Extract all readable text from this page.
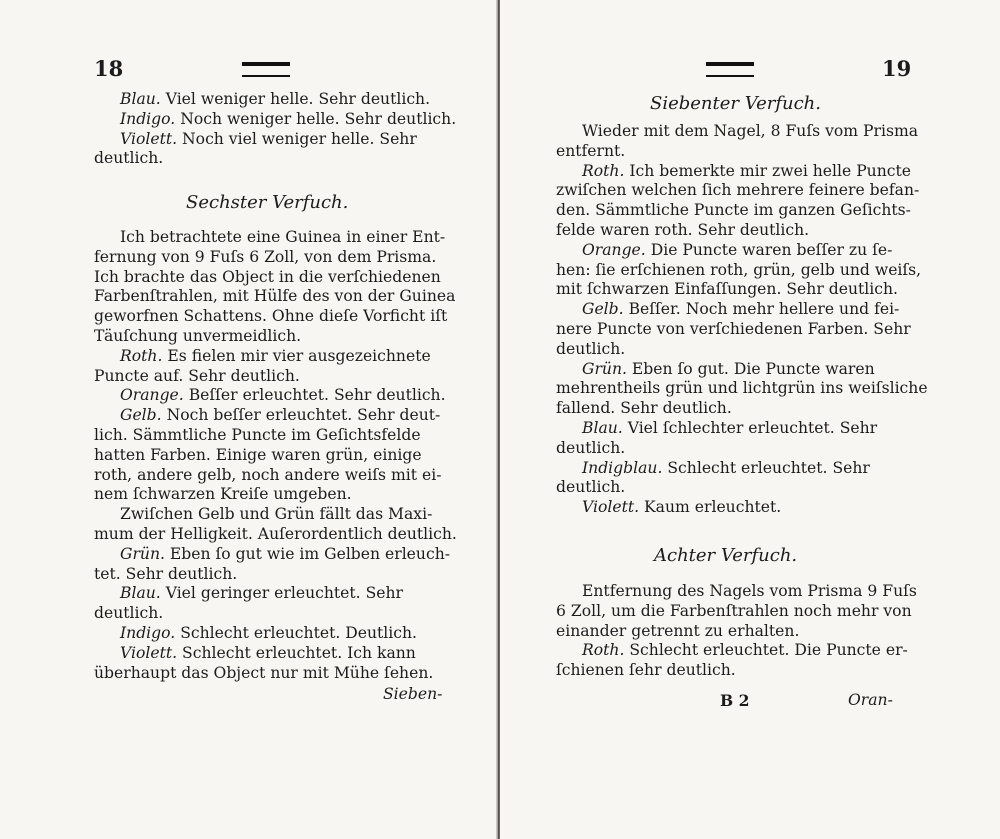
18
Blau. Viel weniger helle. Sehr deutlich.
Indigo. Noch weniger helle. Sehr deutlich.
Violett. Noch viel weniger helle. Sehr
deutlich.
Sechster Verfuch.
Ich betrachtete eine Guinea in einer Ent-
fernung von 9 Fuſs 6 Zoll, von dem Prisma.
Ich brachte das Object in die verſchiedenen
Farbenſtrahlen, mit Hülfe des von der Guinea
geworfnen Schattens. Ohne dieſe Vorficht iſt
Täuſchung unvermeidlich.
Roth. Es fielen mir vier ausgezeichnete
Puncte auf. Sehr deutlich.
Orange. Beſſer erleuchtet. Sehr deutlich.
Gelb. Noch beſſer erleuchtet. Sehr deut-
lich. Sämmtliche Puncte im Geſichtsfelde
hatten Farben. Einige waren grün, einige
roth, andere gelb, noch andere weiſs mit ei-
nem ſchwarzen Kreiſe umgeben.
Zwiſchen Gelb und Grün fällt das Maxi-
mum der Helligkeit. Auſerordentlich deutlich.
Grün. Eben ſo gut wie im Gelben erleuch-
tet. Sehr deutlich.
Blau. Viel geringer erleuchtet. Sehr
deutlich.
Indigo. Schlecht erleuchtet. Deutlich.
Violett. Schlecht erleuchtet. Ich kann
überhaupt das Object nur mit Mühe ſehen.
Sieben-
19
Siebenter Verfuch.
Wieder mit dem Nagel, 8 Fuſs vom Prisma
entfernt.
Roth. Ich bemerkte mir zwei helle Puncte
zwiſchen welchen ſich mehrere feinere befan-
den. Sämmtliche Puncte im ganzen Geſichts-
felde waren roth. Sehr deutlich.
Orange. Die Puncte waren beſſer zu ſe-
hen: ſie erſchienen roth, grün, gelb und weiſs,
mit ſchwarzen Einfaſſungen. Sehr deutlich.
Gelb. Beſſer. Noch mehr hellere und fei-
nere Puncte von verſchiedenen Farben. Sehr
deutlich.
Grün. Eben ſo gut. Die Puncte waren
mehrentheils grün und lichtgrün ins weiſsliche
fallend. Sehr deutlich.
Blau. Viel ſchlechter erleuchtet. Sehr
deutlich.
Indigblau. Schlecht erleuchtet. Sehr
deutlich.
Violett. Kaum erleuchtet.
Achter Verfuch.
Entfernung des Nagels vom Prisma 9 Fuſs
6 Zoll, um die Farbenſtrahlen noch mehr von
einander getrennt zu erhalten.
Roth. Schlecht erleuchtet. Die Puncte er-
ſchienen ſehr deutlich.
B 2	Oran-
